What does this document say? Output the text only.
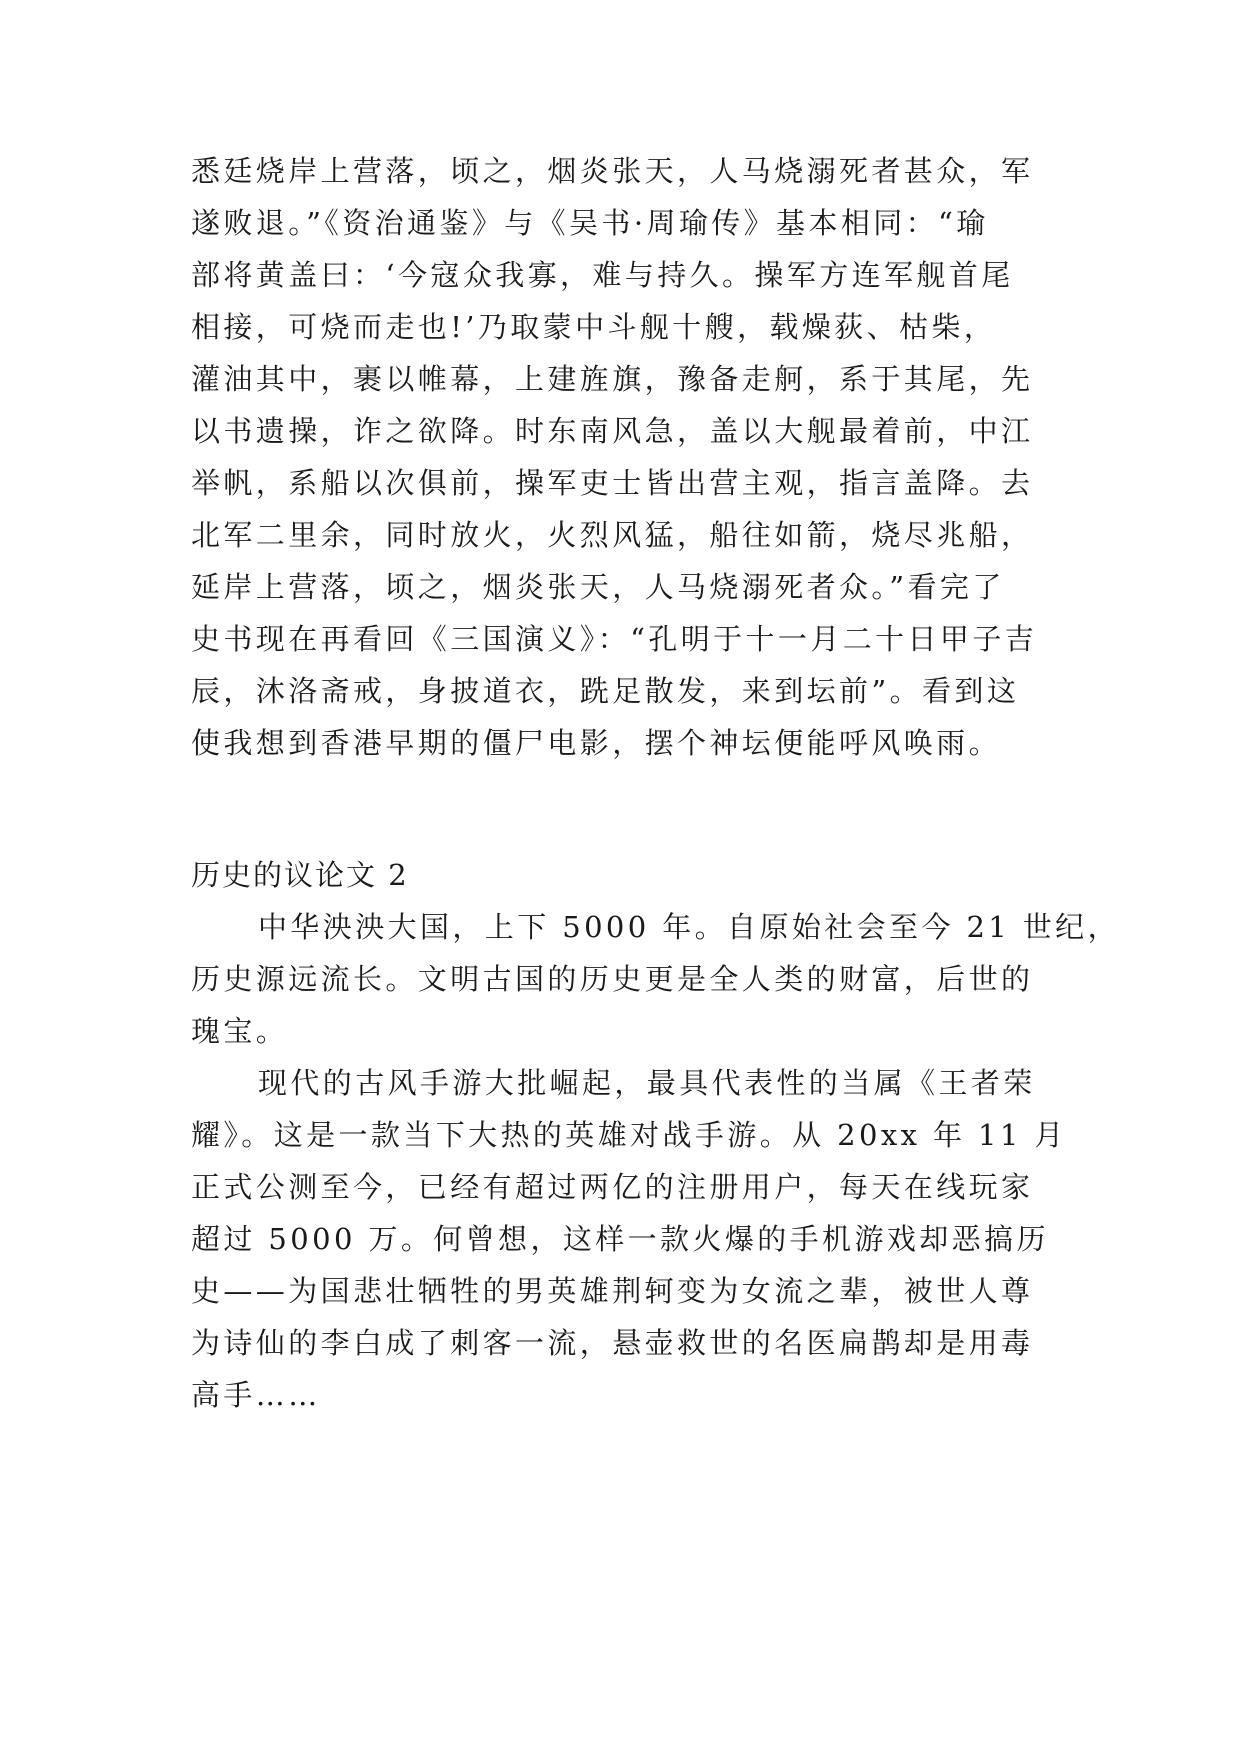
悉廷烧岸上营落，顷之，烟炎张天，人马烧溺死者甚众，军
遂败退。”《资治通鉴》与《吴书·周瑜传》基本相同：“瑜
部将黄盖曰：‘今寇众我寡，难与持久。操军方连军舰首尾
相接，可烧而走也!’乃取蒙中斗舰十艘，载燥荻、枯柴，
灌油其中，裹以帷幕，上建旌旗，豫备走舸，系于其尾，先
以书遗操，诈之欲降。时东南风急，盖以大舰最着前，中江
举帆，系船以次俱前，操军吏士皆出营主观，指言盖降。去
北军二里余，同时放火，火烈风猛，船往如箭，烧尽兆船，
延岸上营落，顷之，烟炎张天，人马烧溺死者众。”看完了
史书现在再看回《三国演义》：“孔明于十一月二十日甲子吉
辰，沐洛斋戒，身披道衣，跣足散发，来到坛前”。看到这
使我想到香港早期的僵尸电影，摆个神坛便能呼风唤雨。
历史的议论文 2
中华泱泱大国，上下 5000 年。自原始社会至今 21 世纪，
历史源远流长。文明古国的历史更是全人类的财富，后世的
瑰宝。
现代的古风手游大批崛起，最具代表性的当属《王者荣
耀》。这是一款当下大热的英雄对战手游。从 20xx 年 11 月
正式公测至今，已经有超过两亿的注册用户，每天在线玩家
超过 5000 万。何曾想，这样一款火爆的手机游戏却恶搞历
史——为国悲壮牺牲的男英雄荆轲变为女流之辈，被世人尊
为诗仙的李白成了刺客一流，悬壶救世的名医扁鹊却是用毒
高手……
